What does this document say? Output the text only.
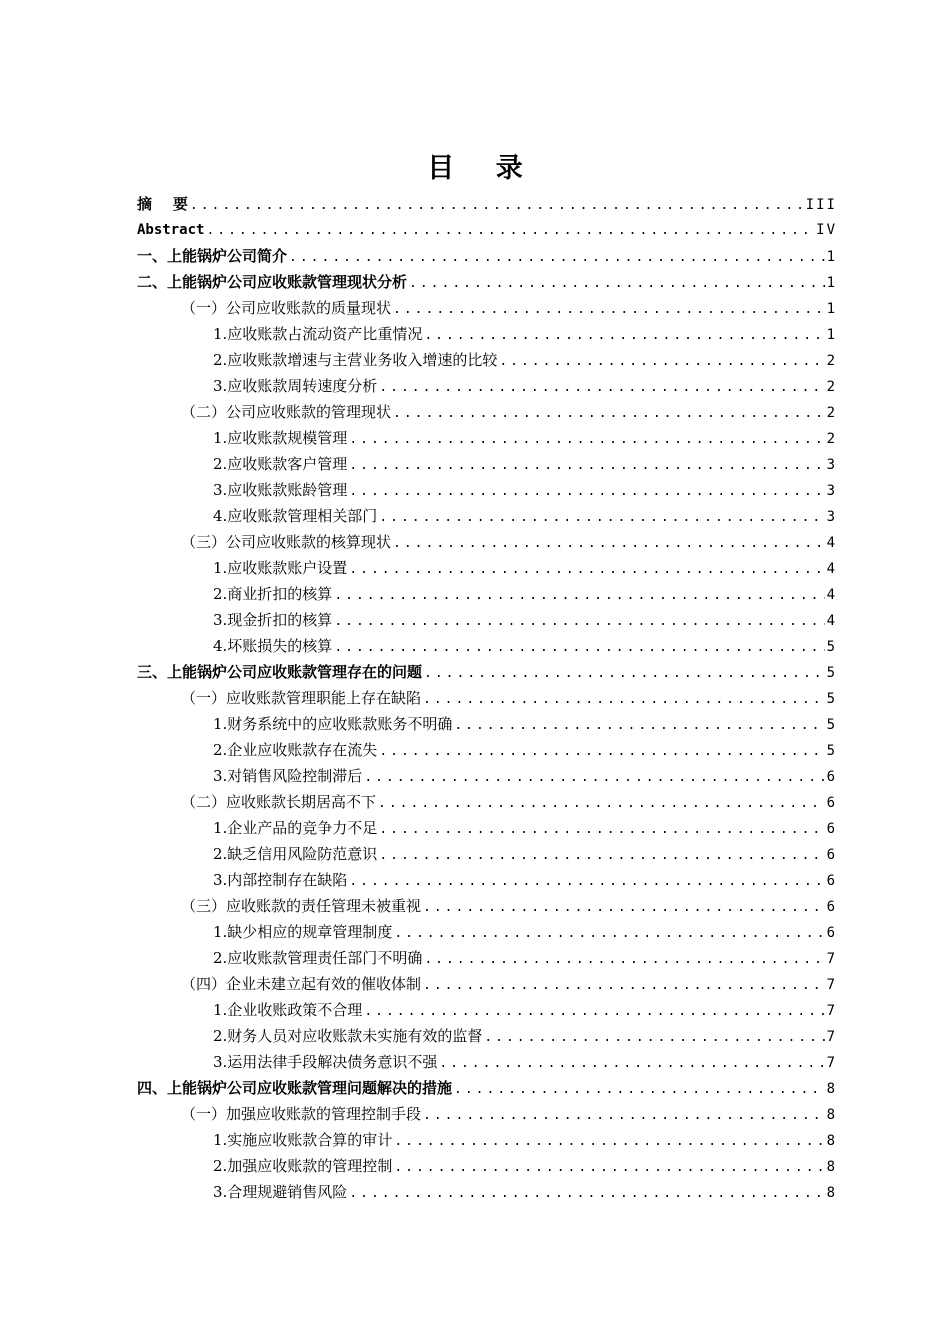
目 录
摘    要 .....	III
Abstract .....	IV
一、上能锅炉公司简介 .....	1
二、上能锅炉公司应收账款管理现状分析 .....	1
（一）公司应收账款的质量现状 .....	1
1.应收账款占流动资产比重情况 .....	1
2.应收账款增速与主营业务收入增速的比较 .....	2
3.应收账款周转速度分析 .....	2
（二）公司应收账款的管理现状 .....	2
1.应收账款规模管理 .....	2
2.应收账款客户管理 .....	3
3.应收账款账龄管理 .....	3
4.应收账款管理相关部门 .....	3
（三）公司应收账款的核算现状 .....	4
1.应收账款账户设置 .....	4
2.商业折扣的核算 .....	4
3.现金折扣的核算 .....	4
4.坏账损失的核算 .....	5
三、上能锅炉公司应收账款管理存在的问题 .....	5
（一）应收账款管理职能上存在缺陷 .....	5
1.财务系统中的应收账款账务不明确 .....	5
2.企业应收账款存在流失 .....	5
3.对销售风险控制滞后 .....	6
（二）应收账款长期居高不下 .....	6
1.企业产品的竞争力不足 .....	6
2.缺乏信用风险防范意识 .....	6
3.内部控制存在缺陷 .....	6
（三）应收账款的责任管理未被重视 .....	6
1.缺少相应的规章管理制度 .....	6
2.应收账款管理责任部门不明确 .....	7
（四）企业未建立起有效的催收体制 .....	7
1.企业收账政策不合理 .....	7
2.财务人员对应收账款未实施有效的监督 .....	7
3.运用法律手段解决债务意识不强 .....	7
四、上能锅炉公司应收账款管理问题解决的措施 .....	8
（一）加强应收账款的管理控制手段 .....	8
1.实施应收账款合算的审计 .....	8
2.加强应收账款的管理控制 .....	8
3.合理规避销售风险 .....	8
